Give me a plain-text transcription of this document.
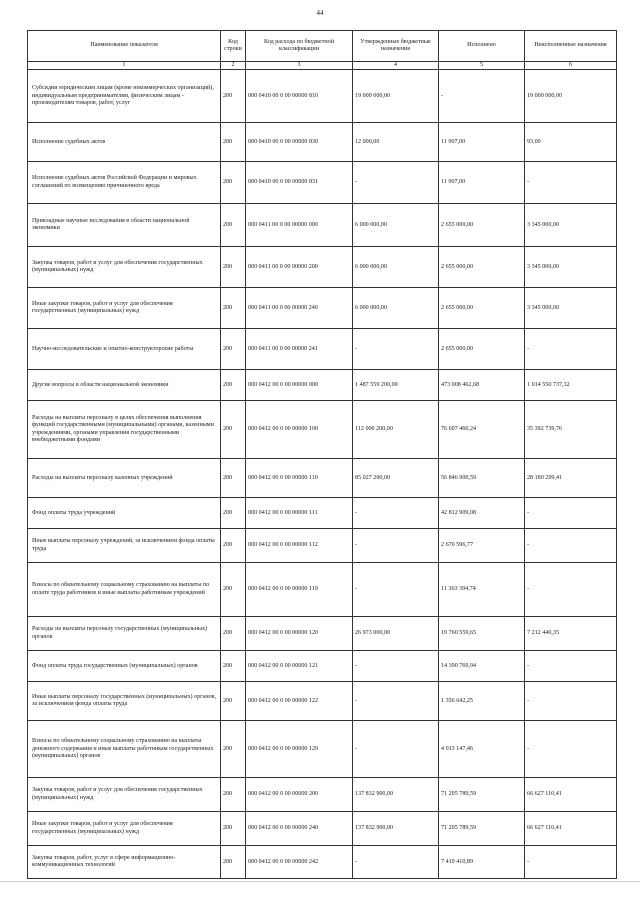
44
Наименование показателя	Код строки	Код расхода по бюджетной классификации	Утвержденные бюджетные назначения	Исполнено	Неисполненные назначения
1	2	3	4	5	6
Субсидии юридическим лицам (кроме некоммерческих организаций), индивидуальным предпринимателям, физическим лицам - производителям товаров, работ, услуг	200	000 0410 00 0 00 00000 810	19 000 000,00	-	19 000 000,00
Исполнение судебных актов	200	000 0410 00 0 00 00000 830	12 000,00	11 907,00	93,00
Исполнение судебных актов Российской Федерации и мировых соглашений по возмещению причиненного вреда	200	000 0410 00 0 00 00000 831	-	11 907,00	-
Прикладные научные исследования в области национальной экономики	200	000 0411 00 0 00 00000 000	6 000 000,00	2 655 000,00	3 345 000,00
Закупка товаров, работ и услуг для обеспечения государственных (муниципальных) нужд	200	000 0411 00 0 00 00000 200	6 000 000,00	2 655 000,00	3 345 000,00
Иные закупки товаров, работ и услуг для обеспечения государственных (муниципальных) нужд	200	000 0411 00 0 00 00000 240	6 000 000,00	2 655 000,00	3 345 000,00
Научно-исследовательские и опытно-конструкторские работы	200	000 0411 00 0 00 00000 241	-	2 655 000,00	-
Другие вопросы в области национальной экономики	200	000 0412 00 0 00 00000 000	1 487 559 200,00	473 008 462,68	1 014 550 737,32
Расходы на выплаты персоналу в целях обеспечения выполнения функций государственными (муниципальными) органами, казенными учреждениями, органами управления государственными внебюджетными фондами	200	000 0412 00 0 00 00000 100	112 000 200,00	76 607 460,24	35 392 739,76
Расходы на выплаты персоналу казенных учреждений	200	000 0412 00 0 00 00000 110	85 027 200,00	56 846 900,59	28 180 299,41
Фонд оплаты труда учреждений	200	000 0412 00 0 00 00000 111	-	42 812 909,08	-
Иные выплаты персоналу учреждений, за исключением фонда оплаты труда	200	000 0412 00 0 00 00000 112	-	2 670 596,77	-
Взносы по обязательному социальному страхованию на выплаты по оплате труда работников и иные выплаты работникам учреждений	200	000 0412 00 0 00 00000 119	-	11 363 394,74	-
Расходы на выплаты персоналу государственных (муниципальных) органов	200	000 0412 00 0 00 00000 120	26 973 000,00	19 760 559,65	7 212 440,35
Фонд оплаты труда государственных (муниципальных) органов	200	000 0412 00 0 00 00000 121	-	14 390 769,94	-
Иные выплаты персоналу государственных (муниципальных) органов, за исключением фонда оплаты труда	200	000 0412 00 0 00 00000 122	-	1 356 642,25	-
Взносы по обязательному социальному страхованию на выплаты денежного содержания и иные выплаты работникам государственных (муниципальных) органов	200	000 0412 00 0 00 00000 129	-	4 013 147,46	-
Закупка товаров, работ и услуг для обеспечения государственных (муниципальных) нужд	200	000 0412 00 0 00 00000 200	137 832 900,00	71 205 789,59	66 627 110,41
Иные закупки товаров, работ и услуг для обеспечения государственных (муниципальных) нужд	200	000 0412 00 0 00 00000 240	137 832 900,00	71 205 789,59	66 627 110,41
Закупка товаров, работ, услуг в сфере информационно-коммуникационных технологий	200	000 0412 00 0 00 00000 242	-	7 419 410,89	-
